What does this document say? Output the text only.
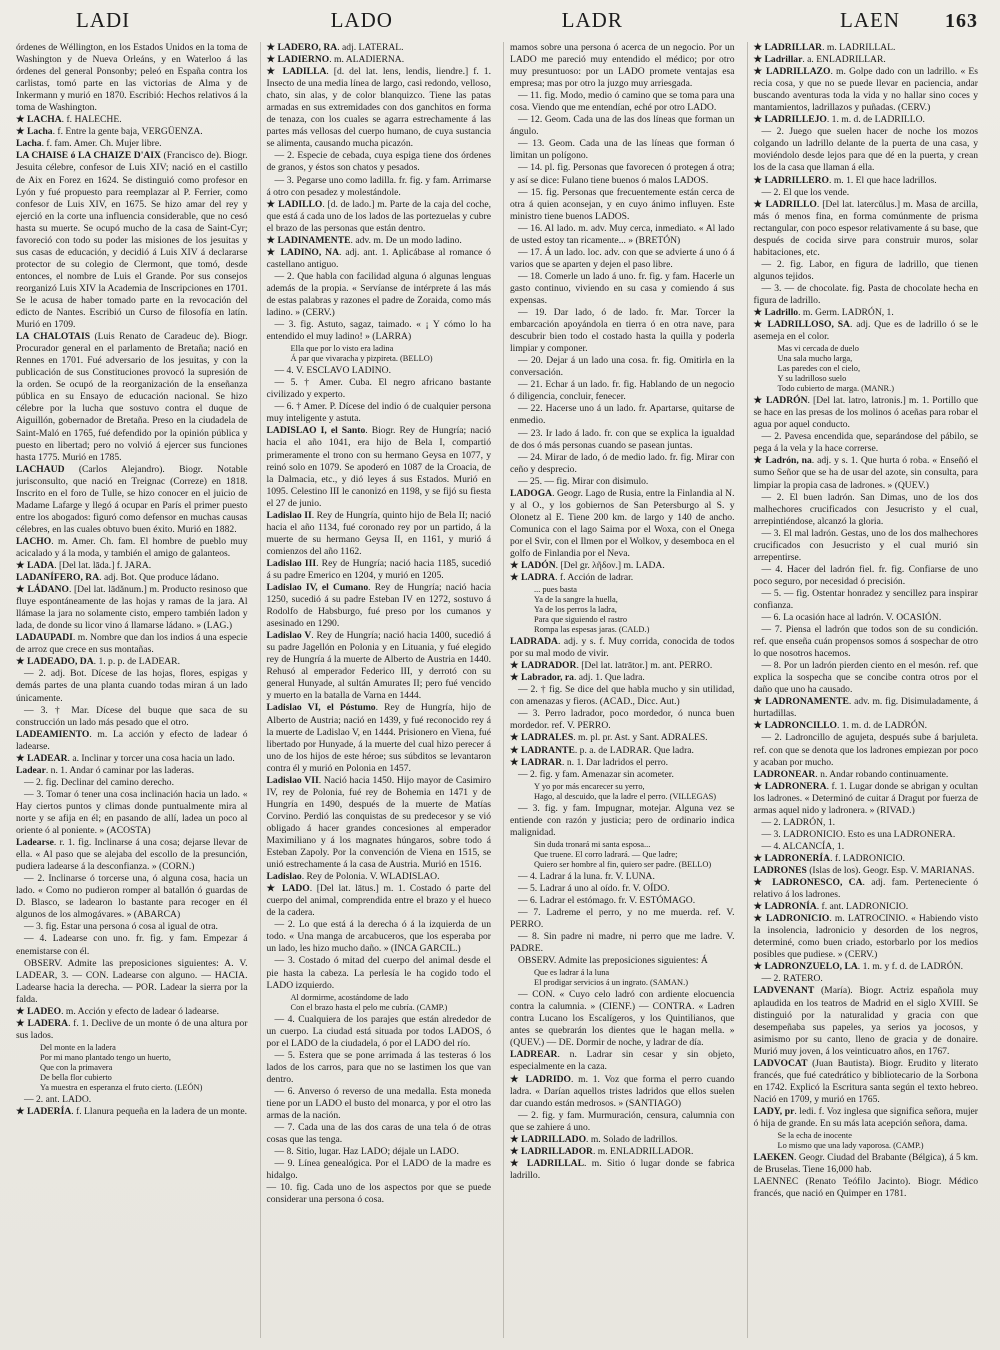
LADI	LADO	LADR	LAEN	163

órdenes de Wéllington, en los Estados Unidos en la toma de Washington y de Nueva Orleáns, y en Waterloo á las órdenes del general Ponsonby; peleó en España contra los carlistas, tomó parte en las victorias de Alma y de Inkermann y murió en 1870. Escribió: Hechos relativos á la toma de Washington.

★ LACHA. f. HALECHE.

★ Lacha. f. Entre la gente baja, VERGÜENZA.

Lacha. f. fam. Amer. Ch. Mujer libre.

LA CHAISE ó LA CHAIZE D'AIX (Francisco de). Biogr. Jesuita célebre, confesor de Luis XIV; nació en el castillo de Aix en Forez en 1624. Se distinguió como profesor en Lyón y fué propuesto para reemplazar al P. Ferrier, como confesor de Luis XIV, en 1675. Se hizo amar del rey y ejerció en la corte una influencia considerable, que no cesó hasta su muerte. Se ocupó mucho de la casa de Saint-Cyr; favoreció con todo su poder las misiones de los jesuitas y sus casas de educación, y decidió á Luis XIV á declararse protector de su colegio de Clermont, que tomó, desde entonces, el nombre de Luis el Grande. Por sus consejos reorganizó Luis XIV la Academia de Inscripciones en 1701. Se le acusa de haber tomado parte en la revocación del edicto de Nantes. Escribió un Curso de filosofía en latín. Murió en 1709.

LA CHALOTAIS (Luis Renato de Caradeuc de). Biogr. Procurador general en el parlamento de Bretaña; nació en Rennes en 1701. Fué adversario de los jesuitas, y con la publicación de sus Constituciones provocó la supresión de la orden. Se ocupó de la reorganización de la enseñanza pública en su Ensayo de educación nacional. Se hizo célebre por la lucha que sostuvo contra el duque de Aiguillón, gobernador de Bretaña. Preso en la ciudadela de Saint-Maló en 1765, fué defendido por la opinión pública y puesto en libertad; pero no volvió á ejercer sus funciones hasta 1775. Murió en 1785.

LACHAUD (Carlos Alejandro). Biogr. Notable jurisconsulto, que nació en Treignac (Correze) en 1818. Inscrito en el foro de Tulle, se hizo conocer en el juicio de Madame Lafarge y llegó á ocupar en París el primer puesto entre los abogados: figuró como defensor en muchas causas célebres, en las cuales obtuvo buen éxito. Murió en 1882.

LACHO. m. Amer. Ch. fam. El hombre de pueblo muy acicalado y á la moda, y también el amigo de galanteos.

★ LADA. [Del lat. lāda.] f. JARA.

LADANÍFERO, RA. adj. Bot. Que produce ládano.

★ LÁDANO. [Del lat. lādănum.] m. Producto resinoso que fluye espontáneamente de las hojas y ramas de la jara. Al llámase la jara no solamente cisto, empero también ladon y lada, de donde su licor vino á llamarse ládano. » (LAG.)

LADAUPADI. m. Nombre que dan los indios á una especie de arroz que crece en sus montañas.

★ LADEADO, DA. 1. p. p. de LADEAR.

— 2. adj. Bot. Dícese de las hojas, flores, espigas y demás partes de una planta cuando todas miran á un lado únicamente.

— 3. † Mar. Dícese del buque que saca de su construcción un lado más pesado que el otro.

LADEAMIENTO. m. La acción y efecto de ladear ó ladearse.

★ LADEAR. a. Inclinar y torcer una cosa hacia un lado.

Ladear. n. 1. Andar ó caminar por las laderas.

— 2. fig. Declinar del camino derecho.

— 3. Tomar ó tener una cosa inclinación hacia un lado. « Hay ciertos puntos y climas donde puntualmente mira al norte y se afija en él; en pasando de allí, ladea un poco al oriente ó al poniente. » (ACOSTA)

Ladearse. r. 1. fig. Inclinarse á una cosa; dejarse llevar de ella. « Al paso que se alejaba del escollo de la presunción, pudiera ladearse á la desconfianza. » (CORN.)

— 2. Inclinarse ó torcerse una, ó alguna cosa, hacia un lado. « Como no pudieron romper al batallón ó guardas de D. Blasco, se ladearon lo bastante para recoger en él algunos de los almogávares. » (ABARCA)

— 3. fig. Estar una persona ó cosa al igual de otra.

— 4. Ladearse con uno. fr. fig. y fam. Empezar á enemistarse con él.

OBSERV. Admite las preposiciones siguientes: A. V. LADEAR, 3. — CON. Ladearse con alguno. — HACIA. Ladearse hacia la derecha. — POR. Ladear la sierra por la falda.

★ LADEO. m. Acción y efecto de ladear ó ladearse.

★ LADERA. f. 1. Declive de un monte ó de una altura por sus lados.

Del monte en la ladera
Por mi mano plantado tengo un huerto,
Que con la primavera
De bella flor cubierto
Ya muestra en esperanza el fruto cierto. (LEÓN)

— 2. ant. LADO.

★ LADERÍA. f. Llanura pequeña en la ladera de un monte.

★ LADERO, RA. adj. LATERAL.

★ LADIERNO. m. ALADIERNA.

★ LADILLA. [d. del lat. lens, lendis, liendre.] f. 1. Insecto de una media línea de largo, casi redondo, velloso, chato, sin alas, y de color blanquizco. Tiene las patas armadas en sus extremidades con dos ganchitos en forma de tenaza, con los cuales se agarra estrechamente á las partes más vellosas del cuerpo humano, de cuya sustancia se alimenta, causando mucha picazón.

— 2. Especie de cebada, cuya espiga tiene dos órdenes de granos, y éstos son chatos y pesados.

— 3. Pegarse uno como ladilla. fr. fig. y fam. Arrimarse á otro con pesadez y molestándole.

★ LADILLO. [d. de lado.] m. Parte de la caja del coche, que está á cada uno de los lados de las portezuelas y cubre el brazo de las personas que están dentro.

★ LADINAMENTE. adv. m. De un modo ladino.

★ LADINO, NA. adj. ant. 1. Aplicábase al romance ó castellano antiguo.

— 2. Que habla con facilidad alguna ó algunas lenguas además de la propia. « Servíanse de intérprete á las más de estas palabras y razones el padre de Zoraida, como más ladino. » (CERV.)

— 3. fig. Astuto, sagaz, taimado. « ¡ Y cómo lo ha entendido el muy ladino! » (LARRA)

Ella que por lo visto era ladina
Á par que vivaracha y pizpireta. (BELLO)

— 4. V. ESCLAVO LADINO.

— 5. † Amer. Cuba. El negro africano bastante civilizado y experto.

— 6. † Amer. P. Dícese del indio ó de cualquier persona muy inteligente y astuta.

LADISLAO I, el Santo. Biogr. Rey de Hungría; nació hacia el año 1041, era hijo de Bela I, compartió primeramente el trono con su hermano Geysa en 1077, y reinó solo en 1079. Se apoderó en 1087 de la Croacia, de la Dalmacia, etc., y dió leyes á sus Estados. Murió en 1095. Celestino III le canonizó en 1198, y se fijó su fiesta el 27 de junio.

Ladislao II. Rey de Hungría, quinto hijo de Bela II; nació hacia el año 1134, fué coronado rey por un partido, á la muerte de su hermano Geysa II, en 1161, y murió á comienzos del año 1162.

Ladislao III. Rey de Hungría; nació hacia 1185, sucedió á su padre Emerico en 1204, y murió en 1205.

Ladislao IV, el Cumano. Rey de Hungría; nació hacia 1250, sucedió á su padre Esteban IV en 1272, sostuvo á Rodolfo de Habsburgo, fué preso por los cumanos y asesinado en 1290.

Ladislao V. Rey de Hungría; nació hacia 1400, sucedió á su padre Jagellón en Polonia y en Lituania, y fué elegido rey de Hungría á la muerte de Alberto de Austria en 1440. Rehusó al emperador Federico III, y derrotó con su general Hunyade, al sultán Amurates II; pero fué vencido y muerto en la batalla de Varna en 1444.

Ladislao VI, el Póstumo. Rey de Hungría, hijo de Alberto de Austria; nació en 1439, y fué reconocido rey á la muerte de Ladislao V, en 1444. Prisionero en Viena, fué libertado por Hunyade, á la muerte del cual hizo perecer á uno de los hijos de este héroe; sus súbditos se levantaron contra él y murió en Polonia en 1457.

Ladislao VII. Nació hacia 1450. Hijo mayor de Casimiro IV, rey de Polonia, fué rey de Bohemia en 1471 y de Hungría en 1490, después de la muerte de Matías Corvino. Perdió las conquistas de su predecesor y se vió obligado á hacer grandes concesiones al emperador Maximiliano y á los magnates húngaros, sobre todo á Esteban Zapoly. Por la convención de Viena en 1515, se unió estrechamente á la casa de Austria. Murió en 1516.

Ladislao. Rey de Polonia. V. WLADISLAO.

★ LADO. [Del lat. lātus.] m. 1. Costado ó parte del cuerpo del animal, comprendida entre el brazo y el hueco de la cadera.

— 2. Lo que está á la derecha ó á la izquierda de un todo. « Una manga de arcabuceros, que los esperaba por un lado, les hizo mucho daño. » (INCA GARCIL.)

— 3. Costado ó mitad del cuerpo del animal desde el pie hasta la cabeza. La perlesía le ha cogido todo el LADO izquierdo.

Al dormirme, acostándome de lado
Con el brazo hasta el pelo me cubría. (CAMP.)

— 4. Cualquiera de los parajes que están alrededor de un cuerpo. La ciudad está situada por todos LADOS, ó por el LADO de la ciudadela, ó por el LADO del río.

— 5. Estera que se pone arrimada á las testeras ó los lados de los carros, para que no se lastimen los que van dentro.

— 6. Anverso ó reverso de una medalla. Esta moneda tiene por un LADO el busto del monarca, y por el otro las armas de la nación.

— 7. Cada una de las dos caras de una tela ó de otras cosas que las tenga.

— 8. Sitio, lugar. Haz LADO; déjale un LADO.

— 9. Línea genealógica. Por el LADO de la madre es hidalgo.

— 10. fig. Cada uno de los aspectos por que se puede considerar una persona ó cosa.

mamos sobre una persona ó acerca de un negocio. Por un LADO me pareció muy entendido el médico; por otro muy presuntuoso: por un LADO promete ventajas esa empresa; mas por otro la juzgo muy arriesgada.

— 11. fig. Modo, medio ó camino que se toma para una cosa. Viendo que me entendían, eché por otro LADO.

— 12. Geom. Cada una de las dos líneas que forman un ángulo.

— 13. Geom. Cada una de las líneas que forman ó limitan un polígono.

— 14. pl. fig. Personas que favorecen ó protegen á otra; y así se dice: Fulano tiene buenos ó malos LADOS.

— 15. fig. Personas que frecuentemente están cerca de otra á quien aconsejan, y en cuyo ánimo influyen. Este ministro tiene buenos LADOS.

— 16. Al lado. m. adv. Muy cerca, inmediato. « Al lado de usted estoy tan ricamente... » (BRETÓN)

— 17. Á un lado. loc. adv. con que se advierte á uno ó á varios que se aparten y dejen el paso libre.

— 18. Comerle un lado á uno. fr. fig. y fam. Hacerle un gasto continuo, viviendo en su casa y comiendo á sus expensas.

— 19. Dar lado, ó de lado. fr. Mar. Torcer la embarcación apoyándola en tierra ó en otra nave, para descubrir bien todo el costado hasta la quilla y poderla limpiar y componer.

— 20. Dejar á un lado una cosa. fr. fig. Omitirla en la conversación.

— 21. Echar á un lado. fr. fig. Hablando de un negocio ó diligencia, concluir, fenecer.

— 22. Hacerse uno á un lado. fr. Apartarse, quitarse de enmedio.

— 23. Ir lado á lado. fr. con que se explica la igualdad de dos ó más personas cuando se pasean juntas.

— 24. Mirar de lado, ó de medio lado. fr. fig. Mirar con ceño y desprecio.

— 25. — fig. Mirar con disimulo.

LADOGA. Geogr. Lago de Rusia, entre la Finlandia al N. y al O., y los gobiernos de San Petersburgo al S. y Olonetz al E. Tiene 200 km. de largo y 140 de ancho. Comunica con el lago Saima por el Woxa, con el Onega por el Svir, con el Ilmen por el Wolkov, y desemboca en el golfo de Finlandia por el Neva.

★ LADÓN. [Del gr. λῆδον.] m. LADA.

★ LADRA. f. Acción de ladrar.

... pues basta
Ya de la sangre la huella,
Ya de los perros la ladra,
Para que siguiendo el rastro
Rompa las espesas jaras. (CALD.)

LADRADA. adj. y s. f. Muy corrida, conocida de todos por su mal modo de vivir.

★ LADRADOR. [Del lat. latrātor.] m. ant. PERRO.

★ Labrador, ra. adj. 1. Que ladra.

— 2. † fig. Se dice del que habla mucho y sin utilidad, con amenazas y fieros. (ACAD., Dicc. Aut.)

— 3. Perro ladrador, poco mordedor, ó nunca buen mordedor. ref. V. PERRO.

★ LADRALES. m. pl. pr. Ast. y Sant. ADRALES.

★ LADRANTE. p. a. de LADRAR. Que ladra.

★ LADRAR. n. 1. Dar ladridos el perro.

— 2. fig. y fam. Amenazar sin acometer.

Y yo por más encarecer su yerro,
Hago, al descuido, que la ladre el perro. (VILLEGAS)

— 3. fig. y fam. Impugnar, motejar. Alguna vez se entiende con razón y justicia; pero de ordinario indica malignidad.

Sin duda tronará mi santa esposa...
Que truene. El corro ladrará. — Que ladre;
Quiero ser hombre al fin, quiero ser padre. (BELLO)

— 4. Ladrar á la luna. fr. V. LUNA.

— 5. Ladrar á uno al oído. fr. V. OÍDO.

— 6. Ladrar el estómago. fr. V. ESTÓMAGO.

— 7. Ladreme el perro, y no me muerda. ref. V. PERRO.

— 8. Sin padre ni madre, ni perro que me ladre. V. PADRE.

OBSERV. Admite las preposiciones siguientes: Á

Que es ladrar á la luna
El prodigar servicios á un ingrato. (SAMAN.)

— CON. « Cuyo celo ladró con ardiente elocuencia contra la calumnia. » (CIENF.) — CONTRA. « Ladren contra Lucano los Escalígeros, y los Quintilianos, que antes se quebrarán los dientes que le hagan mella. » (QUEV.) — DE. Dormir de noche, y ladrar de día.

LADREAR. n. Ladrar sin cesar y sin objeto, especialmente en la caza.

★ LADRIDO. m. 1. Voz que forma el perro cuando ladra. « Darían aquellos tristes ladridos que ellos suelen dar cuando están medrosos. » (SANTIAGO)

— 2. fig. y fam. Murmuración, censura, calumnia con que se zahiere á uno.

★ LADRILLADO. m. Solado de ladrillos.

★ LADRILLADOR. m. ENLADRILLADOR.

★ LADRILLAL. m. Sitio ó lugar donde se fabrica ladrillo.

★ LADRILLAR. m. LADRILLAL.

★ Ladrillar. a. ENLADRILLAR.

★ LADRILLAZO. m. Golpe dado con un ladrillo. « Es recia cosa, y que no se puede llevar en paciencia, andar buscando aventuras toda la vida y no hallar sino coces y mantamientos, ladrillazos y puñadas. (CERV.)

★ LADRILLEJO. 1. m. d. de LADRILLO.

— 2. Juego que suelen hacer de noche los mozos colgando un ladrillo delante de la puerta de una casa, y moviéndolo desde lejos para que dé en la puerta, y crean los de la casa que llaman á ella.

★ LADRILLERO. m. 1. El que hace ladrillos.

— 2. El que los vende.

★ LADRILLO. [Del lat. latercŭlus.] m. Masa de arcilla, más ó menos fina, en forma comúnmente de prisma rectangular, con poco espesor relativamente á su base, que después de cocida sirve para construir muros, solar habitaciones, etc.

— 2. fig. Labor, en figura de ladrillo, que tienen algunos tejidos.

— 3. — de chocolate. fig. Pasta de chocolate hecha en figura de ladrillo.

★ Ladrillo. m. Germ. LADRÓN, 1.

★ LADRILLOSO, SA. adj. Que es de ladrillo ó se le asemeja en el color.

Mas vi cercada de duelo
Una sala mucho larga,
Las paredes con el cielo,
Y su ladrilloso suelo
Todo cubierto de marga. (MANR.)

★ LADRÓN. [Del lat. latro, latronis.] m. 1. Portillo que se hace en las presas de los molinos ó aceñas para robar el agua por aquel conducto.

— 2. Pavesa encendida que, separándose del pábilo, se pega á la vela y la hace correrse.

★ Ladrón, na. adj. y s. 1. Que hurta ó roba. « Enseñó el sumo Señor que se ha de usar del azote, sin consulta, para limpiar la propia casa de ladrones. » (QUEV.)

— 2. El buen ladrón. San Dimas, uno de los dos malhechores crucificados con Jesucristo y el cual, arrepintiéndose, alcanzó la gloria.

— 3. El mal ladrón. Gestas, uno de los dos malhechores crucificados con Jesucristo y el cual murió sin arrepentirse.

— 4. Hacer del ladrón fiel. fr. fig. Confiarse de uno poco seguro, por necesidad ó precisión.

— 5. — fig. Ostentar honradez y sencillez para inspirar confianza.

— 6. La ocasión hace al ladrón. V. OCASIÓN.

— 7. Piensa el ladrón que todos son de su condición. ref. que enseña cuán propensos somos á sospechar de otro lo que nosotros hacemos.

— 8. Por un ladrón pierden ciento en el mesón. ref. que explica la sospecha que se concibe contra otros por el daño que uno ha causado.

★ LADRONAMENTE. adv. m. fig. Disimuladamente, á hurtadillas.

★ LADRONCILLO. 1. m. d. de LADRÓN.

— 2. Ladroncillo de agujeta, después sube á barjuleta. ref. con que se denota que los ladrones empiezan por poco y acaban por mucho.

LADRONEAR. n. Andar robando continuamente.

★ LADRONERA. f. 1. Lugar donde se abrigan y ocultan los ladrones. « Determinó de cuitar á Dragut por fuerza de armas aquel nido y ladronera. » (RIVAD.)

— 2. LADRÓN, 1.

— 3. LADRONICIO. Esto es una LADRONERA.

— 4. ALCANCÍA, 1.

★ LADRONERÍA. f. LADRONICIO.

LADRONES (Islas de los). Geogr. Esp. V. MARIANAS.

★ LADRONESCO, CA. adj. fam. Perteneciente ó relativo á los ladrones.

★ LADRONÍA. f. ant. LADRONICIO.

★ LADRONICIO. m. LATROCINIO. « Habiendo visto la insolencia, ladronicio y desorden de los negros, determiné, como buen criado, estorbarlo por los medios posibles que pudiese. » (CERV.)

★ LADRONZUELO, LA. 1. m. y f. d. de LADRÓN.

— 2. RATERO.

LADVENANT (María). Biogr. Actriz española muy aplaudida en los teatros de Madrid en el siglo XVIII. Se distinguió por la naturalidad y gracia con que desempeñaba sus papeles, ya serios ya jocosos, y asimismo por su canto, lleno de gracia y de donaire. Murió muy joven, á los veinticuatro años, en 1767.

LADVOCAT (Juan Bautista). Biogr. Erudito y literato francés, que fué catedrático y bibliotecario de la Sorbona en 1742. Explicó la Escritura santa según el texto hebreo. Nació en 1709, y murió en 1765.

LADY, pr. ledi. f. Voz inglesa que significa señora, mujer ó hija de grande. En su más lata acepción señora, dama.

Se la echa de inocente
Lo mismo que una lady vaporosa. (CAMP.)

LAEKEN. Geogr. Ciudad del Brabante (Bélgica), á 5 km. de Bruselas. Tiene 16,000 hab.

LAENNEC (Renato Teófilo Jacinto). Biogr. Médico francés, que nació en Quimper en 1781.
